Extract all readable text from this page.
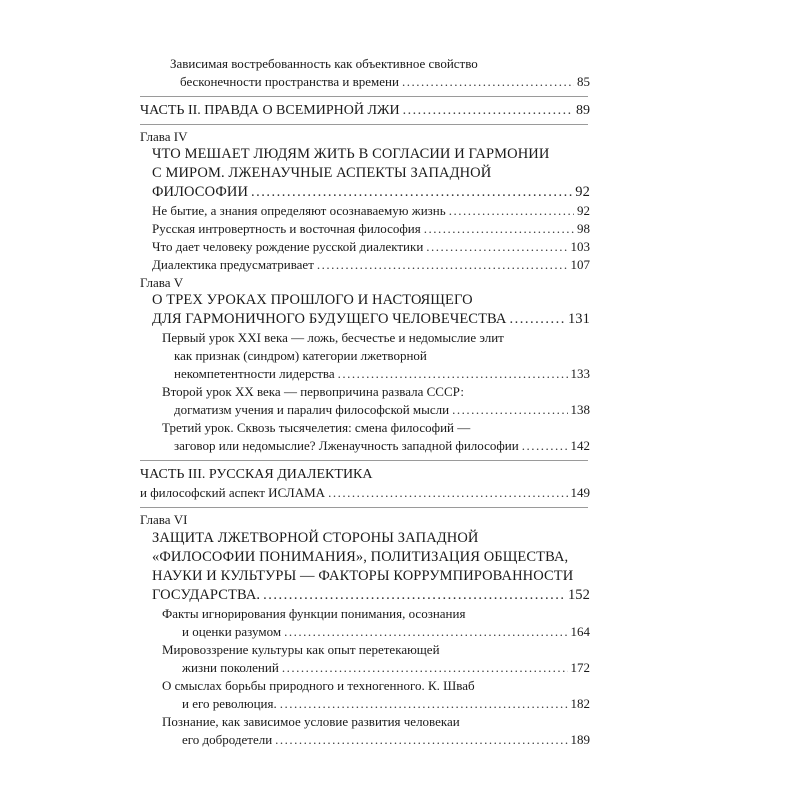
Зависимая востребованность как объективное свойство
бесконечности пространства и времени .....	85
ЧАСТЬ II. ПРАВДА О ВСЕМИРНОЙ ЛЖИ .....	89
Глава IV
ЧТО МЕШАЕТ ЛЮДЯМ ЖИТЬ В СОГЛАСИИ И ГАРМОНИИ
С МИРОМ. ЛЖЕНАУЧНЫЕ АСПЕКТЫ ЗАПАДНОЙ
ФИЛОСОФИИ .....	92
Не бытие, а знания определяют осознаваемую жизнь .....	92
Русская интровертность и восточная философия .....	98
Что дает человеку рождение русской диалектики .....	103
Диалектика предусматривает .....	107
Глава V
О ТРЕХ УРОКАХ ПРОШЛОГО И НАСТОЯЩЕГО
ДЛЯ ГАРМОНИЧНОГО БУДУЩЕГО ЧЕЛОВЕЧЕСТВА .....	131
Первый урок XXI века — ложь, бесчестье и недомыслие элит
как признак (синдром) категории лжетворной
некомпетентности лидерства .....	133
Второй урок XX века — первопричина развала СССР:
догматизм учения и паралич философской мысли .....	138
Третий урок. Сквозь тысячелетия: смена философий —
заговор или недомыслие? Лженаучность западной философии .....	142
ЧАСТЬ III. РУССКАЯ ДИАЛЕКТИКА
и философский аспект ИСЛАМА .....	149
Глава VI
ЗАЩИТА ЛЖЕТВОРНОЙ СТОРОНЫ ЗАПАДНОЙ
«ФИЛОСОФИИ ПОНИМАНИЯ», ПОЛИТИЗАЦИЯ ОБЩЕСТВА,
НАУКИ И КУЛЬТУРЫ — ФАКТОРЫ КОРРУМПИРОВАННОСТИ
ГОСУДАРСТВА. .....	152
Факты игнорирования функции понимания, осознания
и оценки разумом .....	164
Мировоззрение культуры как опыт перетекающей
жизни поколений .....	172
О смыслах борьбы природного и техногенного. К. Шваб
и его революция. .....	182
Познание, как зависимое условие развития человекаи
его добродетели .....	189
